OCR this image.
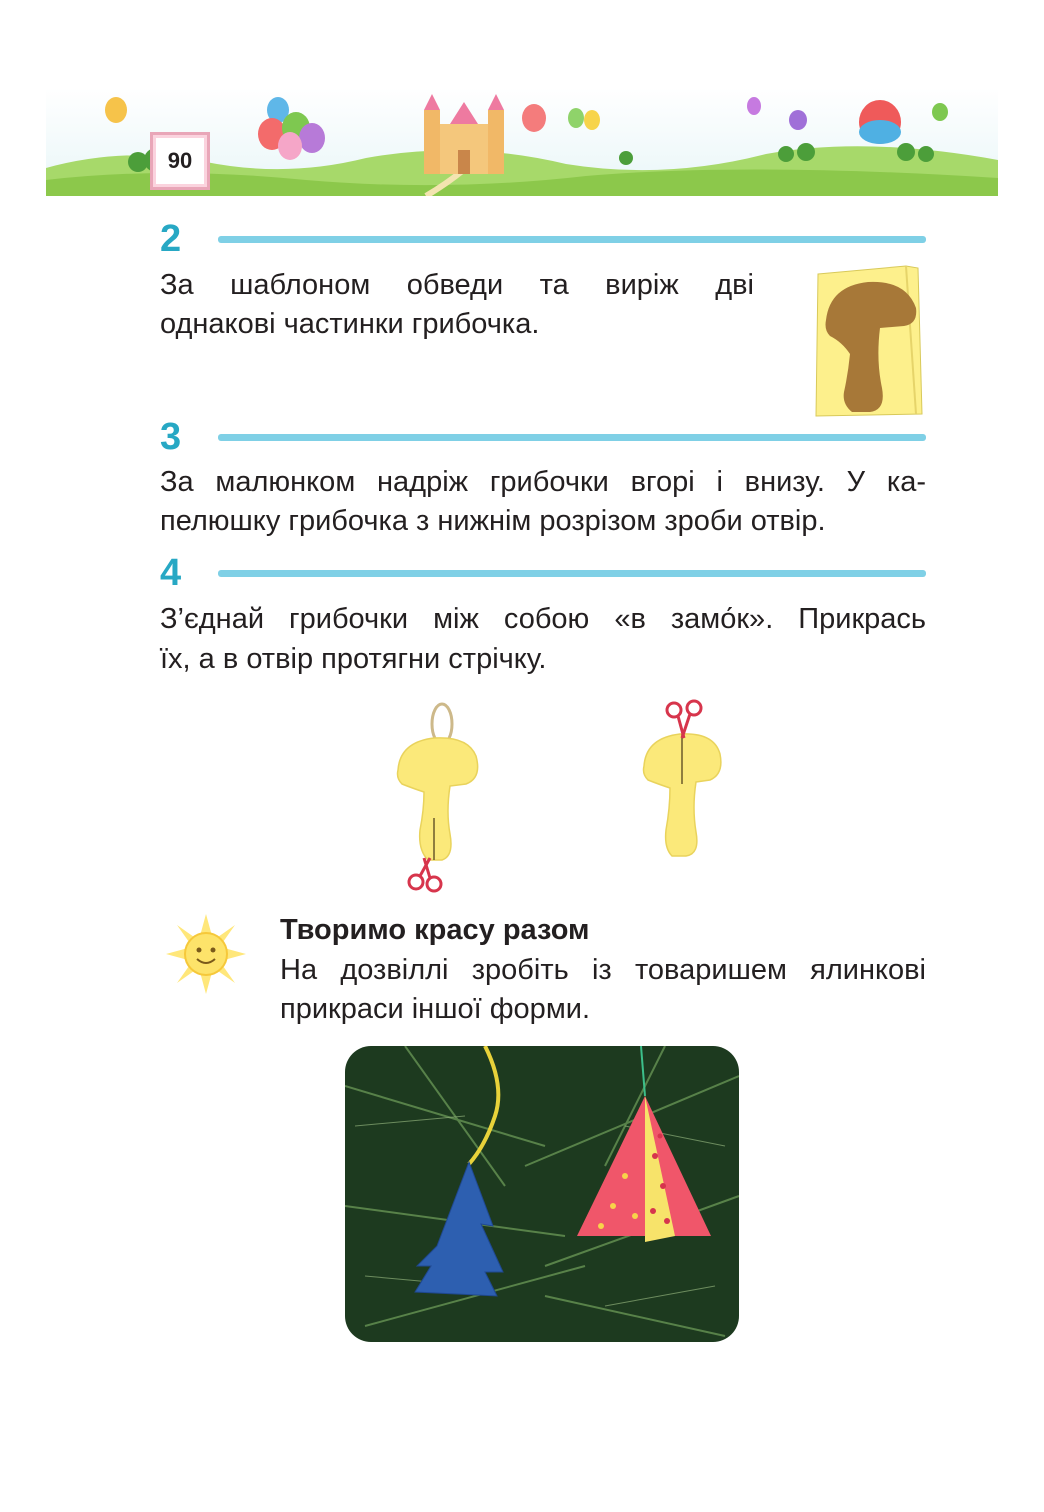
90
2
За шаблоном обведи та виріж дві
однакові частинки грибочка.
3
За малюнком надріж грибочки вгорі і внизу. У ка-
пелюшку грибочка з нижнім розрізом зроби отвір.
4
З’єднай грибочки між собою «в замо́к». Прикрась
їх, а в отвір протягни стрічку.
Творимо красу разом
На дозвіллі зробіть із товаришем ялинкові
прикраси іншої форми.
